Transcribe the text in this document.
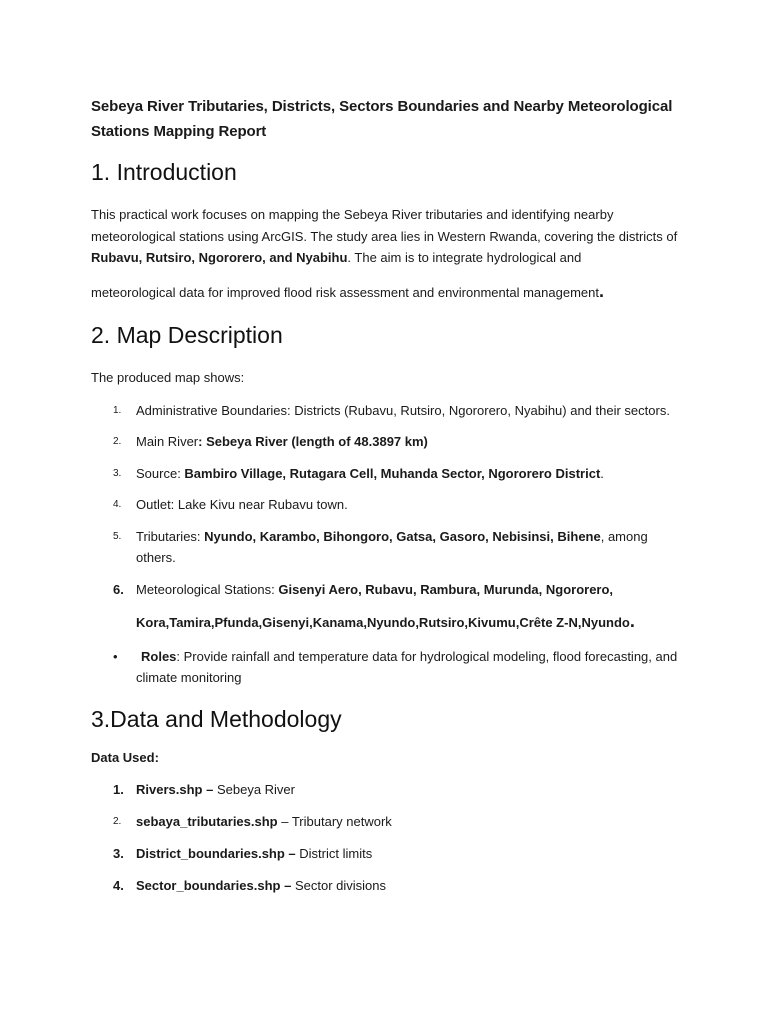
Sebeya River Tributaries, Districts, Sectors Boundaries and Nearby Meteorological Stations Mapping Report
1. Introduction

This practical work focuses on mapping the Sebeya River tributaries and identifying nearby meteorological stations using ArcGIS. The study area lies in Western Rwanda, covering the districts of Rubavu, Rutsiro, Ngororero, and Nyabihu. The aim is to integrate hydrological and
meteorological data for improved flood risk assessment and environmental management.

2. Map Description

The produced map shows:

1. Administrative Boundaries: Districts (Rubavu, Rutsiro, Ngororero, Nyabihu) and their sectors.
2. Main River: Sebeya River (length of 48.3897 km)
3. Source: Bambiro Village, Rutagara Cell, Muhanda Sector, Ngororero District.
4. Outlet: Lake Kivu near Rubavu town.
5. Tributaries: Nyundo, Karambo, Bihongoro, Gatsa, Gasoro, Nebisinsi, Bihene, among others.
6. Meteorological Stations: Gisenyi Aero, Rubavu, Rambura, Murunda, Ngororero,
Kora,Tamira,Pfunda,Gisenyi,Kanama,Nyundo,Rutsiro,Kivumu,Crête Z-N,Nyundo.
• Roles: Provide rainfall and temperature data for hydrological modeling, flood forecasting, and climate monitoring
3.Data and Methodology

Data Used:

1. Rivers.shp – Sebeya River
2. sebaya_tributaries.shp – Tributary network
3. District_boundaries.shp – District limits
4. Sector_boundaries.shp – Sector divisions
